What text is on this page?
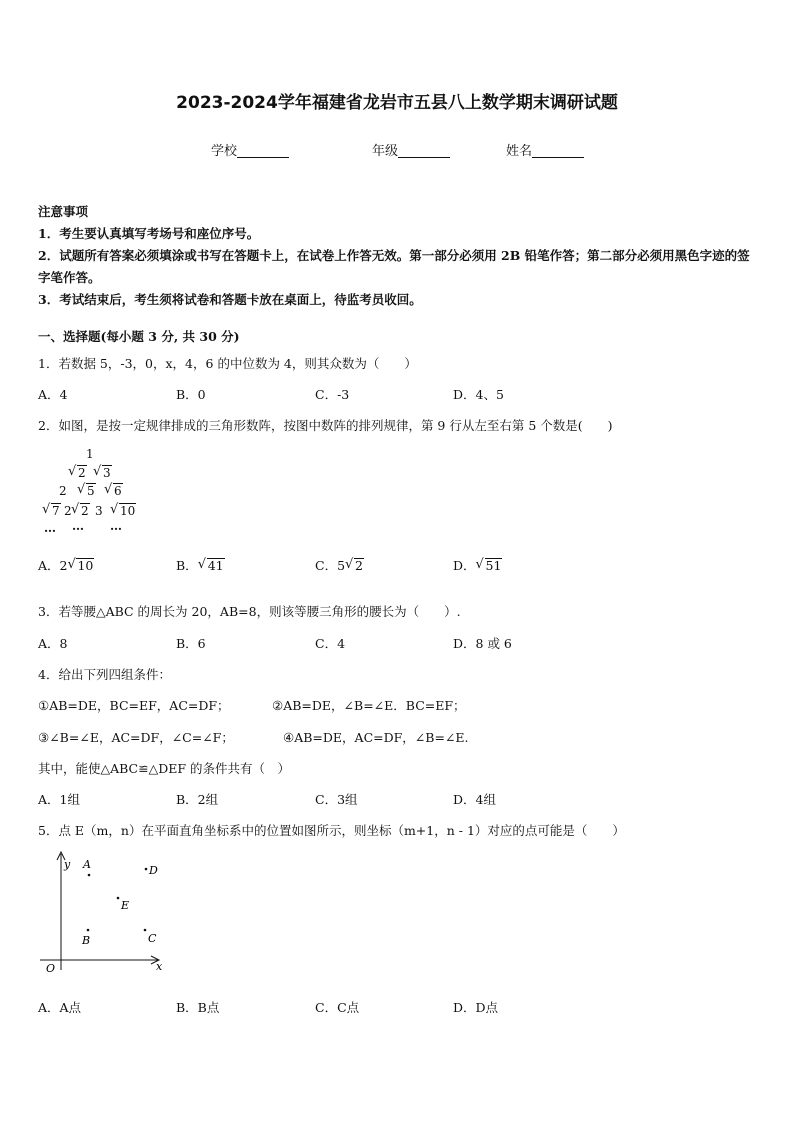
2023-2024学年福建省龙岩市五县八上数学期末调研试题
学校	年级	姓名
注意事项
1．考生要认真填写考场号和座位序号。
2．试题所有答案必须填涂或书写在答题卡上，在试卷上作答无效。第一部分必须用 2B 铅笔作答；第二部分必须用黑色字迹的签字笔作答。
3．考试结束后，考生须将试卷和答题卡放在桌面上，待监考员收回。
一、选择题(每小题 3 分, 共 30 分)
1．若数据 5，-3，0，x，4，6 的中位数为 4，则其众数为（　　）
A．4	B．0	C．-3	D．4、5
2．如图，是按一定规律排成的三角形数阵，按图中数阵的排列规律，第 9 行从左至右第 5 个数是(　　)
1
√ 2	√ 3
2	√ 5	√ 6
√ 7 2 √ 2 3	√ 10
… … …
A．2 √ 10	B． √ 41	C．5 √ 2	D． √ 51
3．若等腰△ABC 的周长为 20，AB=8，则该等腰三角形的腰长为（　　）.
A．8	B．6	C．4	D．8 或 6
4．给出下列四组条件：
①AB=DE，BC=EF，AC=DF；	②AB=DE，∠B=∠E．BC=EF；
③∠B=∠E，AC=DF，∠C=∠F；	④AB=DE，AC=DF，∠B=∠E.
其中，能使△ABC≌△DEF 的条件共有（　）
A．1组	B．2组	C．3组	D．4组
5．点 E（m，n）在平面直角坐标系中的位置如图所示，则坐标（m+1，n - 1）对应的点可能是（　　）
y
x
O
A	D
E
B	C
A．A点	B．B点	C．C点	D．D点
